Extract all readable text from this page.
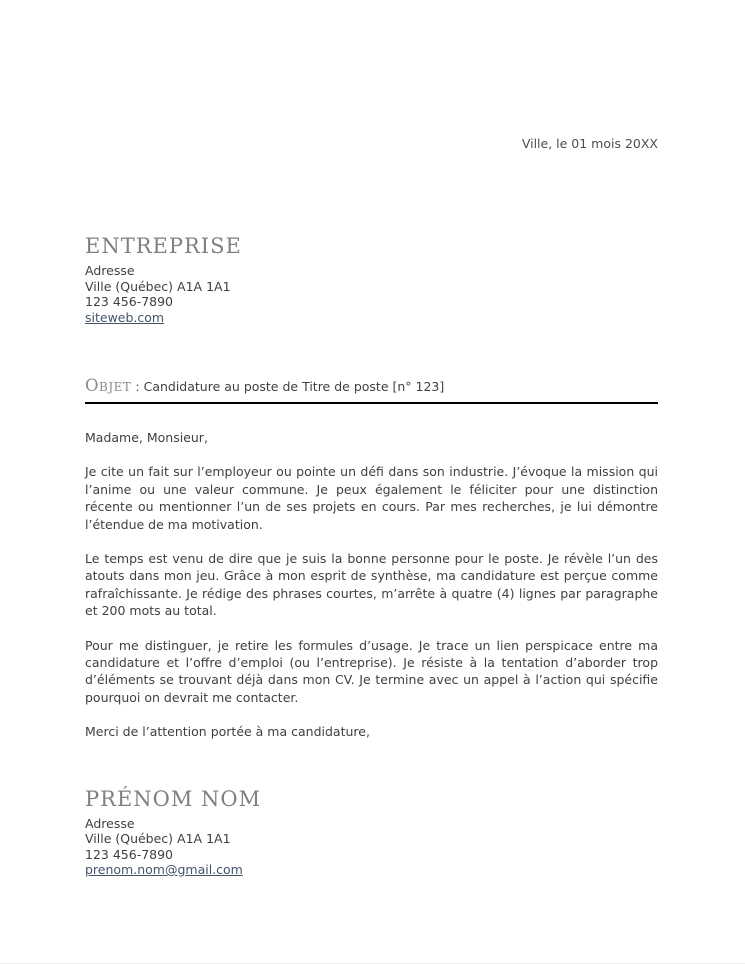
Ville, le 01 mois 20XX
ENTREPRISE
Adresse
Ville (Québec) A1A 1A1
123 456-7890
siteweb.com
Objet : Candidature au poste de Titre de poste [n° 123]

Madame, Monsieur,

Je cite un fait sur l’employeur ou pointe un défi dans son industrie. J’évoque la mission qui l’anime ou une valeur commune. Je peux également le féliciter pour une distinction récente ou mentionner l’un de ses projets en cours. Par mes recherches, je lui démontre l’étendue de ma motivation.

Le temps est venu de dire que je suis la bonne personne pour le poste. Je révèle l’un des atouts dans mon jeu. Grâce à mon esprit de synthèse, ma candidature est perçue comme rafraîchissante. Je rédige des phrases courtes, m’arrête à quatre (4) lignes par paragraphe et 200 mots au total.

Pour me distinguer, je retire les formules d’usage. Je trace un lien perspicace entre ma candidature et l’offre d’emploi (ou l’entreprise). Je résiste à la tentation d’aborder trop d’éléments se trouvant déjà dans mon CV. Je termine avec un appel à l’action qui spécifie pourquoi on devrait me contacter.

Merci de l’attention portée à ma candidature,

PRÉNOM NOM
Adresse
Ville (Québec) A1A 1A1
123 456-7890
prenom.nom@gmail.com
